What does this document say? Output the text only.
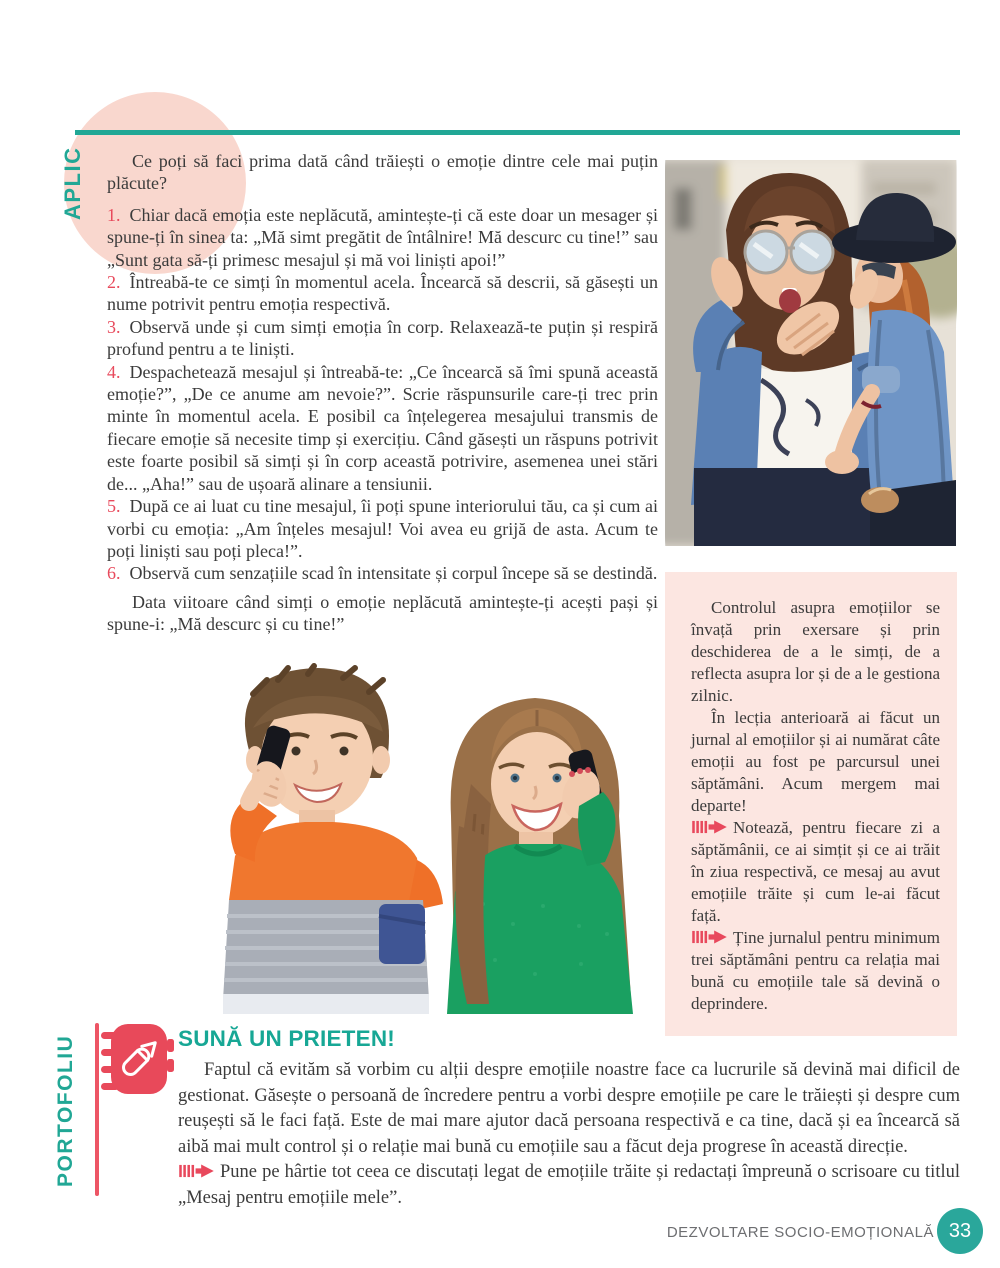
APLIC	Ce poți să faci prima dată când trăiești o emoție dintre cele mai puțin plăcute?

1. Chiar dacă emoția este neplăcută, amintește-ți că este doar un mesager și spune-ți în sinea ta: „Mă simt pregătit de întâlnire! Mă descurc cu tine!” sau „Sunt gata să-ți primesc mesajul și mă voi liniști apoi!”

2. Întreabă-te ce simți în momentul acela. Încearcă să descrii, să găsești un nume potrivit pentru emoția respectivă.

3. Observă unde și cum simți emoția în corp. Relaxează-te puțin și respiră profund pentru a te liniști.

4. Despachetează mesajul și întreabă-te: „Ce încearcă să îmi spună această emoție?”, „De ce anume am nevoie?”. Scrie răspunsurile care-ți trec prin minte în momentul acela. E posibil ca înțelegerea mesajului transmis de fiecare emoție să necesite timp și exercițiu. Când găsești un răspuns potrivit este foarte posibil să simți și în corp această potrivire, asemenea unei stări de... „Aha!” sau de ușoară alinare a tensiunii.

5. După ce ai luat cu tine mesajul, îi poți spune interiorului tău, ca și cum ai vorbi cu emoția: „Am înțeles mesajul! Voi avea eu grijă de asta. Acum te poți liniști sau poți pleca!”.

6. Observă cum senzațiile scad în intensitate și corpul începe să se destindă.

Data viitoare când simți o emoție neplăcută amintește-ți acești pași și spune-i: „Mă descurc și cu tine!”

Controlul asupra emoțiilor se învață prin exersare și prin deschiderea de a le simți, de a reflecta asupra lor și de a le gestiona zilnic.

În lecția anterioară ai făcut un jurnal al emoțiilor și ai numărat câte emoții au fost pe parcursul unei săptămâni. Acum mergem mai departe!

Notează, pentru fiecare zi a săptămânii, ce ai simțit și ce ai trăit în ziua respectivă, ce mesaj au avut emoțiile trăite și cum le-ai făcut față.

Ține jurnalul pentru minimum trei săptămâni pentru ca relația mai bună cu emoțiile tale să devină o deprindere.

PORTOFOLIU	SUNĂ UN PRIETEN!

Faptul că evităm să vorbim cu alții despre emoțiile noastre face ca lucrurile să devină mai dificil de gestionat. Găsește o persoană de încredere pentru a vorbi despre emoțiile pe care le trăiești și despre cum reușești să le faci față. Este de mai mare ajutor dacă persoana respectivă e ca tine, dacă și ea încearcă să aibă mai mult control și o relație mai bună cu emoțiile sau a făcut deja progrese în această direcție.

Pune pe hârtie tot ceea ce discutați legat de emoțiile trăite și redactați împreună o scrisoare cu titlul „Mesaj pentru emoțiile mele”.

DEZVOLTARE SOCIO-EMOȚIONALĂ 33
